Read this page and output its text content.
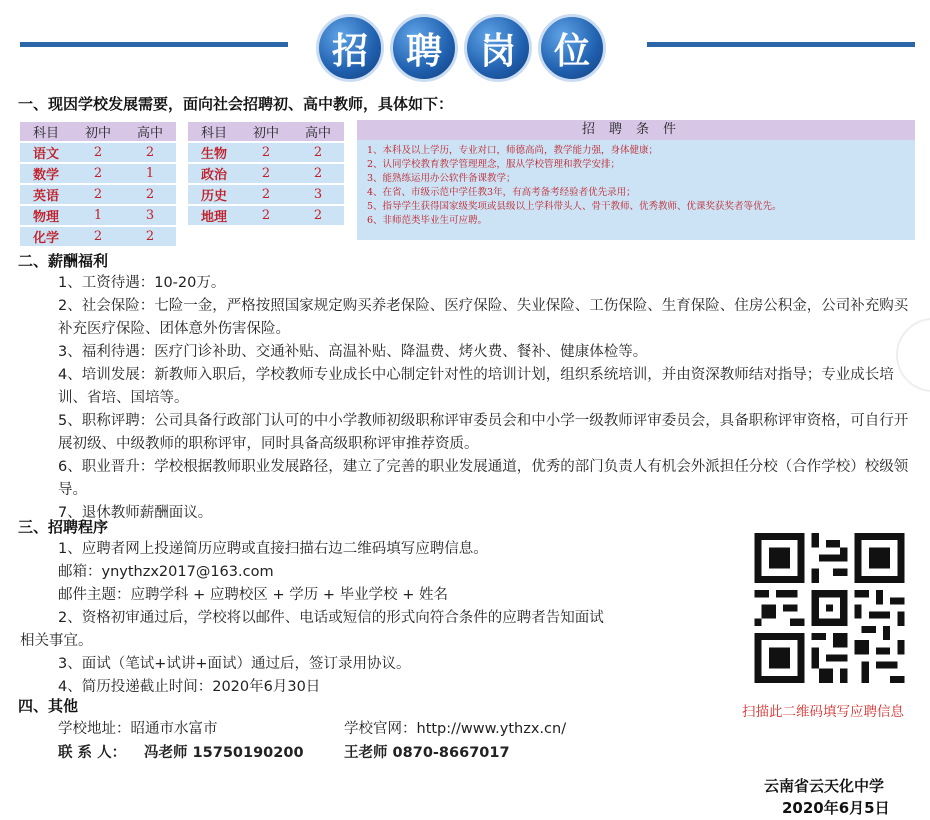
招	聘	岗	位
一、现因学校发展需要，面向社会招聘初、高中教师，具体如下：
科目	初中	高中
语文	2	2
数学	2	1
英语	2	2
物理	1	3
化学	2	2
科目	初中	高中
生物	2	2
政治	2	2
历史	2	3
地理	2	2
招聘条件
1、本科及以上学历，专业对口，师德高尚，教学能力强，身体健康；
2、认同学校教育教学管理理念，服从学校管理和教学安排；
3、能熟练运用办公软件备课教学；
4、在省、市级示范中学任教3年，有高考备考经验者优先录用；
5、指导学生获得国家级奖项或县级以上学科带头人、骨干教师、优秀教师、优课奖获奖者等优先。
6、非师范类毕业生可应聘。
二、薪酬福利
1、工资待遇：10-20万。
2、社会保险：七险一金，严格按照国家规定购买养老保险、医疗保险、失业保险、工伤保险、生育保险、住房公积金，公司补充购买补充医疗保险、团体意外伤害保险。
3、福利待遇：医疗门诊补助、交通补贴、高温补贴、降温费、烤火费、餐补、健康体检等。
4、培训发展：新教师入职后，学校教师专业成长中心制定针对性的培训计划，组织系统培训，并由资深教师结对指导；专业成长培训、省培、国培等。
5、职称评聘：公司具备行政部门认可的中小学教师初级职称评审委员会和中小学一级教师评审委员会，具备职称评审资格，可自行开展初级、中级教师的职称评审，同时具备高级职称评审推荐资质。
6、职业晋升：学校根据教师职业发展路径，建立了完善的职业发展通道，优秀的部门负责人有机会外派担任分校（合作学校）校级领导。
7、退休教师薪酬面议。
三、招聘程序
1、应聘者网上投递简历应聘或直接扫描右边二维码填写应聘信息。
邮箱：ynythzx2017@163.com
邮件主题：应聘学科 + 应聘校区 + 学历 + 毕业学校 + 姓名
2、资格初审通过后，学校将以邮件、电话或短信的形式向符合条件的应聘者告知面试
相关事宜。
3、面试（笔试+试讲+面试）通过后，签订录用协议。
4、简历投递截止时间：2020年6月30日
扫描此二维码填写应聘信息
四、其他
学校地址：昭通市水富市	学校官网：http://www.ythzx.cn/
联 系 人： 冯老师 15750190200	王老师 0870-8667017
云南省云天化中学
2020年6月5日
